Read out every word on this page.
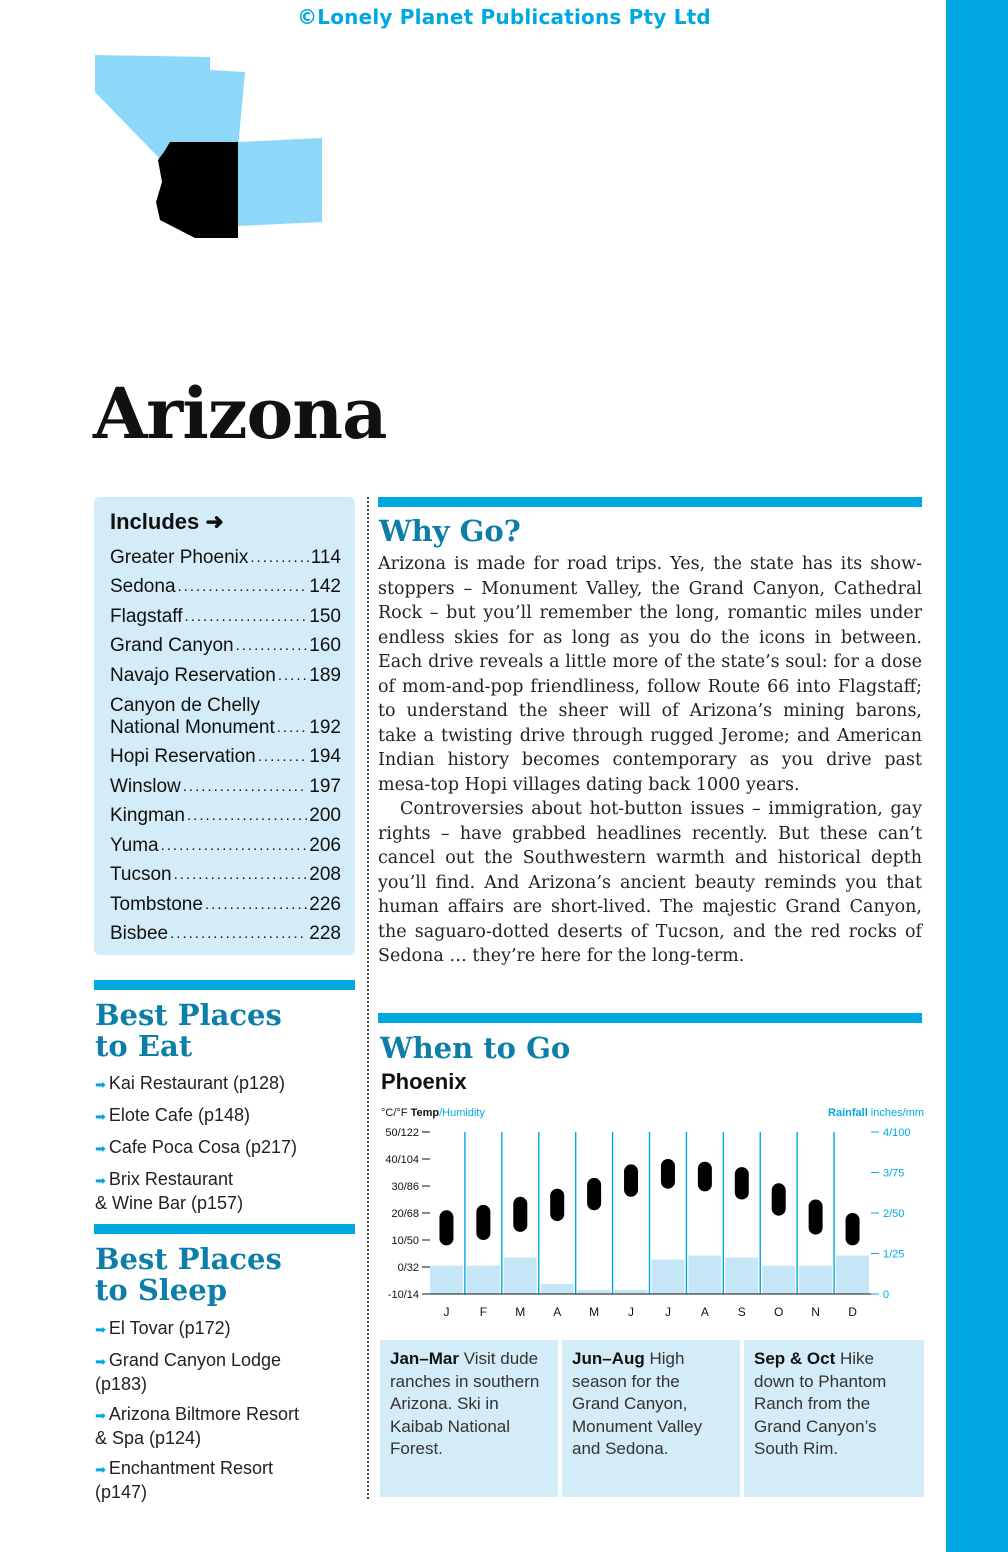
©Lonely Planet Publications Pty Ltd
Arizona
Includes ➜
Greater Phoenix .....	114
Sedona .....	142
Flagstaff .....	150
Grand Canyon .....	160
Navajo Reservation ..... 189
Canyon de Chelly
National Monument ..... 192
Hopi Reservation .....	194
Winslow .....	197
Kingman .....	200
Yuma .....	206
Tucson .....	208
Tombstone .....	226
Bisbee .....	228
Best Places
to Eat
➡ Kai Restaurant (p128)
➡ Elote Cafe (p148)
➡ Cafe Poca Cosa (p217)
➡ Brix Restaurant
& Wine Bar (p157)
Best Places
to Sleep
➡ El Tovar (p172)
➡ Grand Canyon Lodge
(p183)
➡ Arizona Biltmore Resort
& Spa (p124)
➡ Enchantment Resort
(p147)
Why Go?

Arizona is made for road trips. Yes, the state has its show-stoppers – Monument Valley, the Grand Canyon, Cathedral Rock – but you’ll remember the long, romantic miles under endless skies for as long as you do the icons in between. Each drive reveals a little more of the state’s soul: for a dose of mom-and-pop friendliness, follow Route 66 into Flagstaff; to understand the sheer will of Arizona’s mining barons, take a twisting drive through rugged Jerome; and American Indian history becomes contemporary as you drive past mesa-top Hopi villages dating back 1000 years.

Controversies about hot-button issues – immigration, gay rights – have grabbed headlines recently. But these can’t cancel out the Southwestern warmth and historical depth you’ll find. And Arizona’s ancient beauty reminds you that human affairs are short-lived. The majestic Grand Canyon, the saguaro-dotted deserts of Tucson, and the red rocks of Sedona … they’re here for the long-term.

When to Go
Phoenix
°C/°F Temp/Humidity	Rainfall inches/mm
50/122
40/104
30/86
20/68
10/50
0/32
-10/14
4/100
3/75
2/50
1/25
0
J	F M A M J	J A S O N D
Jan–Mar Visit dude ranches in southern Arizona. Ski in Kaibab National Forest.
Jun–Aug High season for the Grand Canyon, Monument Valley and Sedona.
Sep & Oct Hike down to Phantom Ranch from the Grand Canyon’s South Rim.
